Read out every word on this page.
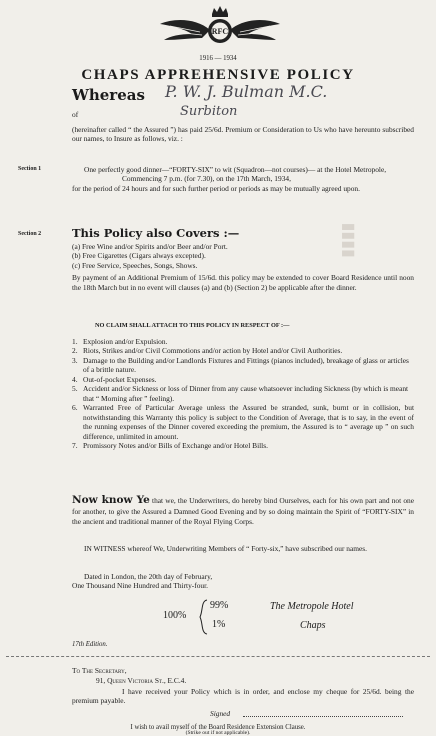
▮▮▮▮
RFC
1916 — 1934
CHAPS APPREHENSIVE POLICY
Whereas P. W. J. Bulman M.C.
of	Surbiton
(hereinafter called “ the Assured ”) has paid 25/6d. Premium or Consideration to Us who have hereunto subscribed our names, to Insure as follows, viz. :
Section 1	One perfectly good dinner—“FORTY-SIX” to wit (Squadron—not courses)— at the Hotel Metropole,
Commencing 7 p.m. (for 7.30), on the 17th March, 1934,
for the period of 24 hours and for such further period or periods as may be mutually agreed upon.
Section 2	This Policy also Covers :—
(a) Free Wine and/or Spirits and/or Beer and/or Port.
(b) Free Cigarettes (Cigars always excepted).
(c) Free Service, Speeches, Songs, Shows.
By payment of an Additional Premium of 15/6d. this policy may be extended to cover Board Residence until noon the 18th March but in no event will clauses (a) and (b) (Section 2) be applicable after the dinner.
NO CLAIM SHALL ATTACH TO THIS POLICY IN RESPECT OF :—
1. Explosion and/or Expulsion.
2. Riots, Strikes and/or Civil Commotions and/or action by Hotel and/or Civil Authorities.
3. Damage to the Building and/or Landlords Fixtures and Fittings (pianos included), breakage of glass or articles of a brittle nature.
4. Out-of-pocket Expenses.
5. Accident and/or Sickness or loss of Dinner from any cause whatsoever including Sickness (by which is meant that “ Morning after ” feeling).
6. Warranted Free of Particular Average unless the Assured be stranded, sunk, burnt or in collision, but notwithstanding this Warranty this policy is subject to the Condition of Average, that is to say, in the event of the running expenses of the Dinner covered exceeding the premium, the Assured is to “ average up ” on such difference, unlimited in amount.
7. Promissory Notes and/or Bills of Exchange and/or Hotel Bills.
Now know Ye that we, the Underwriters, do hereby bind Ourselves, each for his own part and not one for another, to give the Assured a Damned Good Evening and by so doing maintain the Spirit of “FORTY-SIX” in the ancient and traditional manner of the Royal Flying Corps.
IN WITNESS whereof We, Underwriting Members of “ Forty-six,” have subscribed our names.
Dated in London, the 20th day of February,
One Thousand Nine Hundred and Thirty-four.
100%
99%	The Metropole Hotel
1%	Chaps
17th Edition.
To The Secretary,
91, Queen Victoria St., E.C.4.
I have received your Policy which is in order, and enclose my cheque for 25/6d. being the premium payable.
Signed
I wish to avail myself of the Board Residence Extension Clause.
(Strike out if not applicable).
